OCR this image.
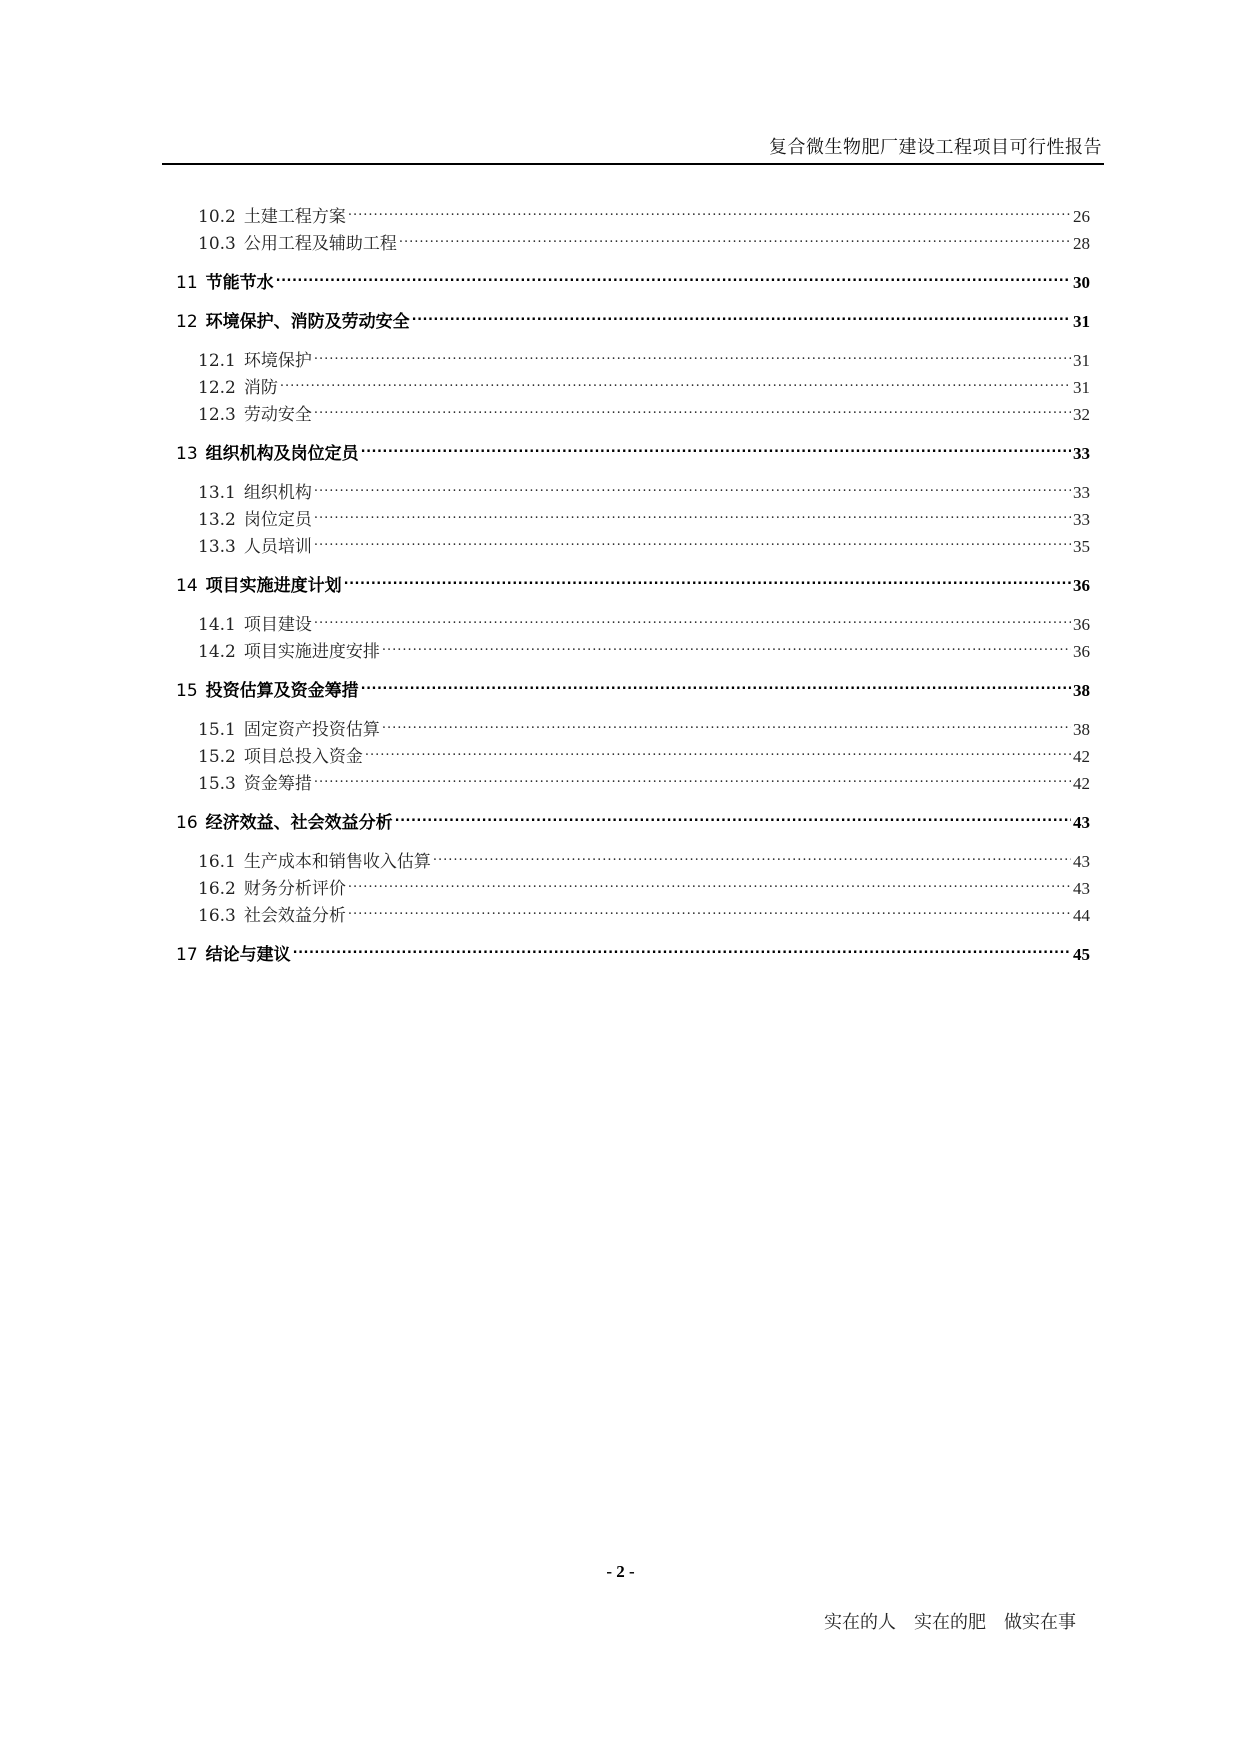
复合微生物肥厂建设工程项目可行性报告
10.2 土建工程方案 .....	26
10.3 公用工程及辅助工程 .....	28
11 节能节水 .....	30
12 环境保护、消防及劳动安全 .....	31
12.1 环境保护 .....	31
12.2 消防 .....	31
12.3 劳动安全 .....	32
13 组织机构及岗位定员 .....	33
13.1 组织机构 .....	33
13.2 岗位定员 .....	33
13.3 人员培训 .....	35
14 项目实施进度计划 .....	36
14.1 项目建设 .....	36
14.2 项目实施进度安排 .....	36
15 投资估算及资金筹措 .....	38
15.1 固定资产投资估算 .....	38
15.2 项目总投入资金 .....	42
15.3 资金筹措 .....	42
16 经济效益、社会效益分析 .....	43
16.1 生产成本和销售收入估算 .....	43
16.2 财务分析评价 .....	43
16.3 社会效益分析 .....	44
17 结论与建议 .....	45
- 2 -
实在的人　实在的肥　做实在事
